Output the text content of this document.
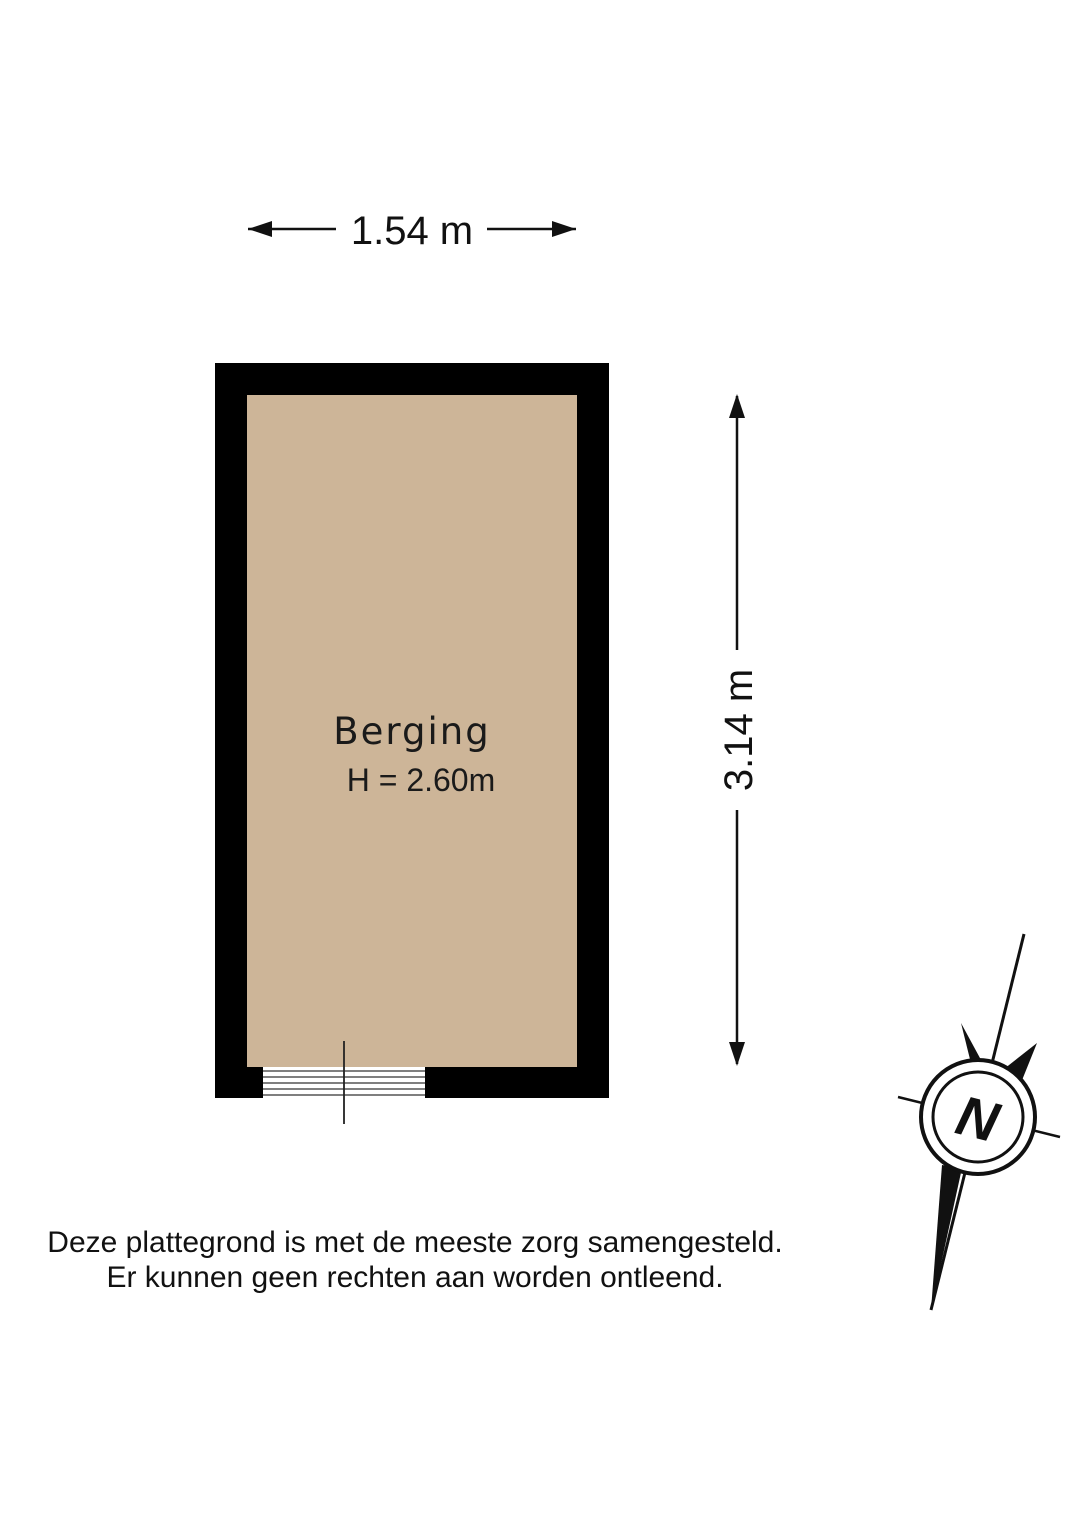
1.54 m
3.14 m
Berging
H = 2.60m
N
Deze plattegrond is met de meeste zorg samengesteld.
Er kunnen geen rechten aan worden ontleend.
